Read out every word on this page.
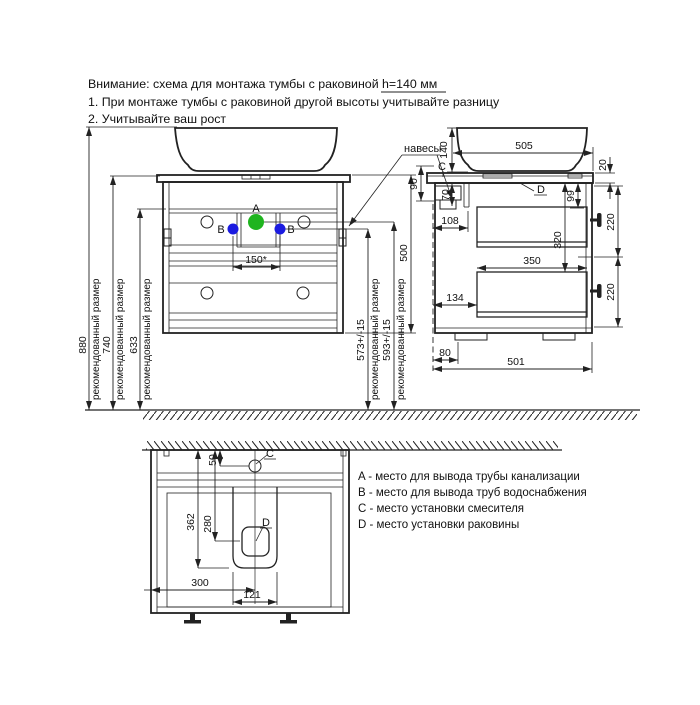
Внимание: схема для монтажа тумбы с раковиной h=140 мм
1. При монтаже тумбы с раковиной другой высоты учитывайте разницу
2. Учитывайте ваш рост
A
B	B
150*
880 рекомендованный размер 740 рекомендованный размер 633 рекомендованный размер	573+/-15 рекомендованный размер 593+/-15 рекомендованный размер
500
навесы
C
D
140	505
20
90
70
108
99
320
350
134
220
220
80
501
C
D
50
362 280
300
121
A - место для вывода трубы канализации
B - место для вывода труб водоснабжения
C - место установки смесителя
D - место установки раковины
